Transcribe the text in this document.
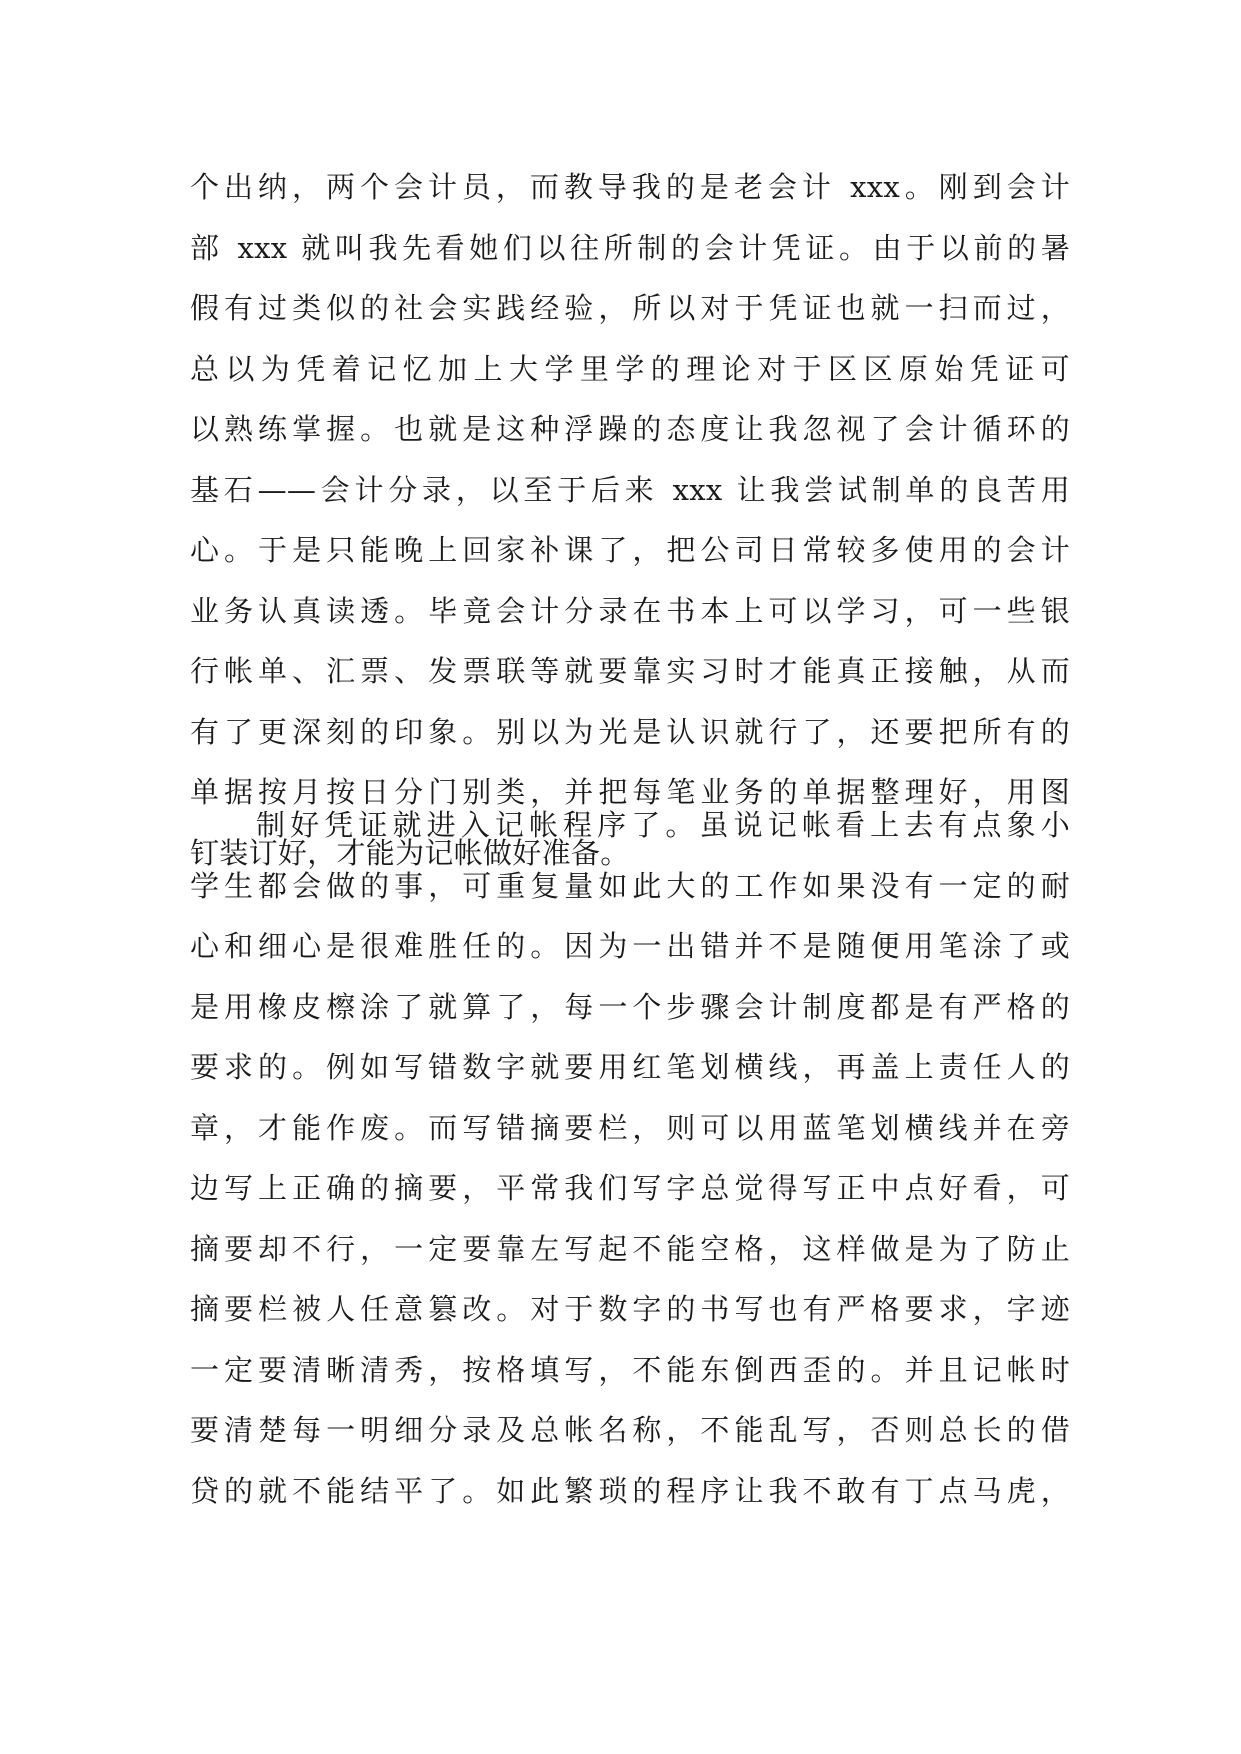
个出纳，两个会计员，而教导我的是老会计 xxx。刚到会计
部 xxx 就叫我先看她们以往所制的会计凭证。由于以前的暑
假有过类似的社会实践经验，所以对于凭证也就一扫而过，
总以为凭着记忆加上大学里学的理论对于区区原始凭证可
以熟练掌握。也就是这种浮躁的态度让我忽视了会计循环的
基石——会计分录，以至于后来 xxx 让我尝试制单的良苦用
心。于是只能晚上回家补课了，把公司日常较多使用的会计
业务认真读透。毕竟会计分录在书本上可以学习，可一些银
行帐单、汇票、发票联等就要靠实习时才能真正接触，从而
有了更深刻的印象。别以为光是认识就行了，还要把所有的
单据按月按日分门别类，并把每笔业务的单据整理好，用图
钉装订好，才能为记帐做好准备。
制好凭证就进入记帐程序了。虽说记帐看上去有点象小
学生都会做的事，可重复量如此大的工作如果没有一定的耐
心和细心是很难胜任的。因为一出错并不是随便用笔涂了或
是用橡皮檫涂了就算了，每一个步骤会计制度都是有严格的
要求的。例如写错数字就要用红笔划横线，再盖上责任人的
章，才能作废。而写错摘要栏，则可以用蓝笔划横线并在旁
边写上正确的摘要，平常我们写字总觉得写正中点好看，可
摘要却不行，一定要靠左写起不能空格，这样做是为了防止
摘要栏被人任意篡改。对于数字的书写也有严格要求，字迹
一定要清晰清秀，按格填写，不能东倒西歪的。并且记帐时
要清楚每一明细分录及总帐名称，不能乱写，否则总长的借
贷的就不能结平了。如此繁琐的程序让我不敢有丁点马虎，
